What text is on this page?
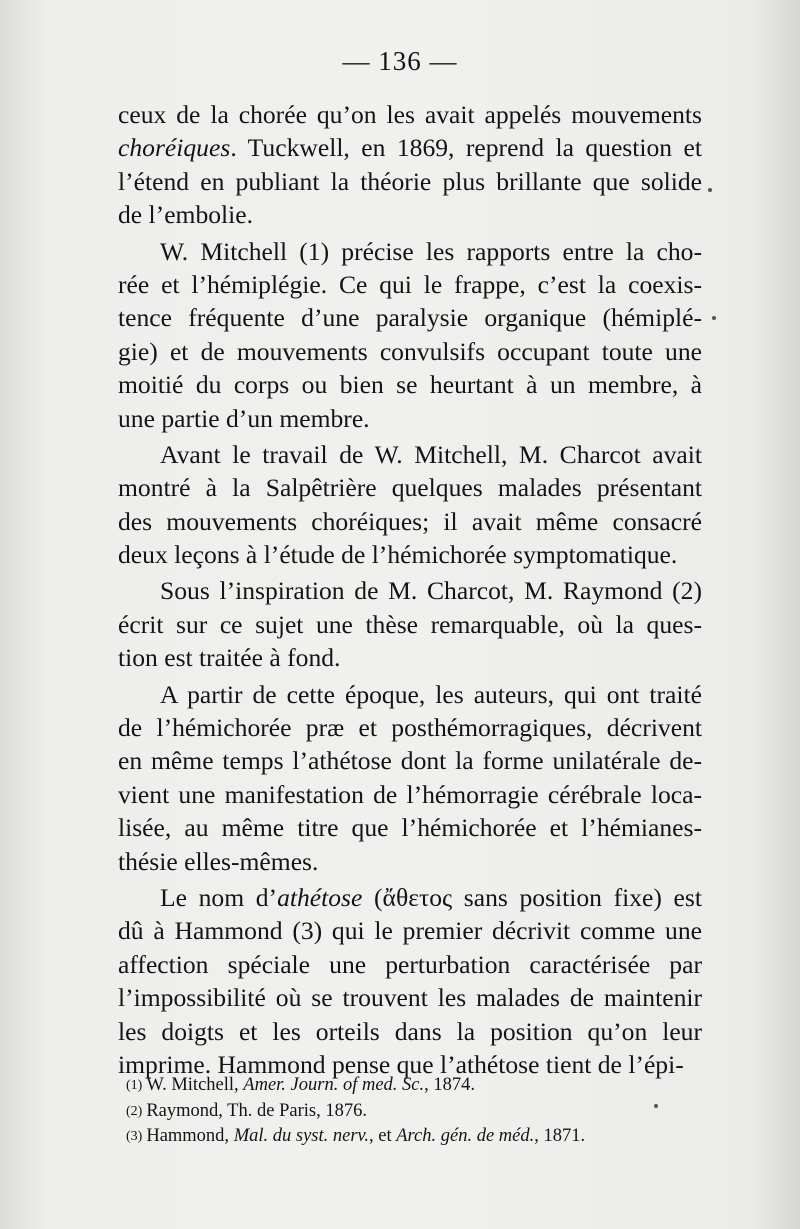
— 136 —
ceux de la chorée qu’on les avait appelés mouvements
choréiques. Tuckwell, en 1869, reprend la question et
l’étend en publiant la théorie plus brillante que solide
de l’embolie.
W. Mitchell (1) précise les rapports entre la cho-
rée et l’hémiplégie. Ce qui le frappe, c’est la coexis-
tence fréquente d’une paralysie organique (hémiplé-
gie) et de mouvements convulsifs occupant toute une
moitié du corps ou bien se heurtant à un membre, à
une partie d’un membre.
Avant le travail de W. Mitchell, M. Charcot avait
montré à la Salpêtrière quelques malades présentant
des mouvements choréiques; il avait même consacré
deux leçons à l’étude de l’hémichorée symptomatique.
Sous l’inspiration de M. Charcot, M. Raymond (2)
écrit sur ce sujet une thèse remarquable, où la ques-
tion est traitée à fond.
A partir de cette époque, les auteurs, qui ont traité
de l’hémichorée præ et posthémorragiques, décrivent
en même temps l’athétose dont la forme unilatérale de-
vient une manifestation de l’hémorragie cérébrale loca-
lisée, au même titre que l’hémichorée et l’hémianes-
thésie elles-mêmes.
Le nom d’athétose (ἄθετος sans position fixe) est
dû à Hammond (3) qui le premier décrivit comme une
affection spéciale une perturbation caractérisée par
l’impossibilité où se trouvent les malades de maintenir
les doigts et les orteils dans la position qu’on leur
imprime. Hammond pense que l’athétose tient de l’épi-
(1) W. Mitchell, Amer. Journ. of med. Sc., 1874.
(2) Raymond, Th. de Paris, 1876.
(3) Hammond, Mal. du syst. nerv., et Arch. gén. de méd., 1871.
